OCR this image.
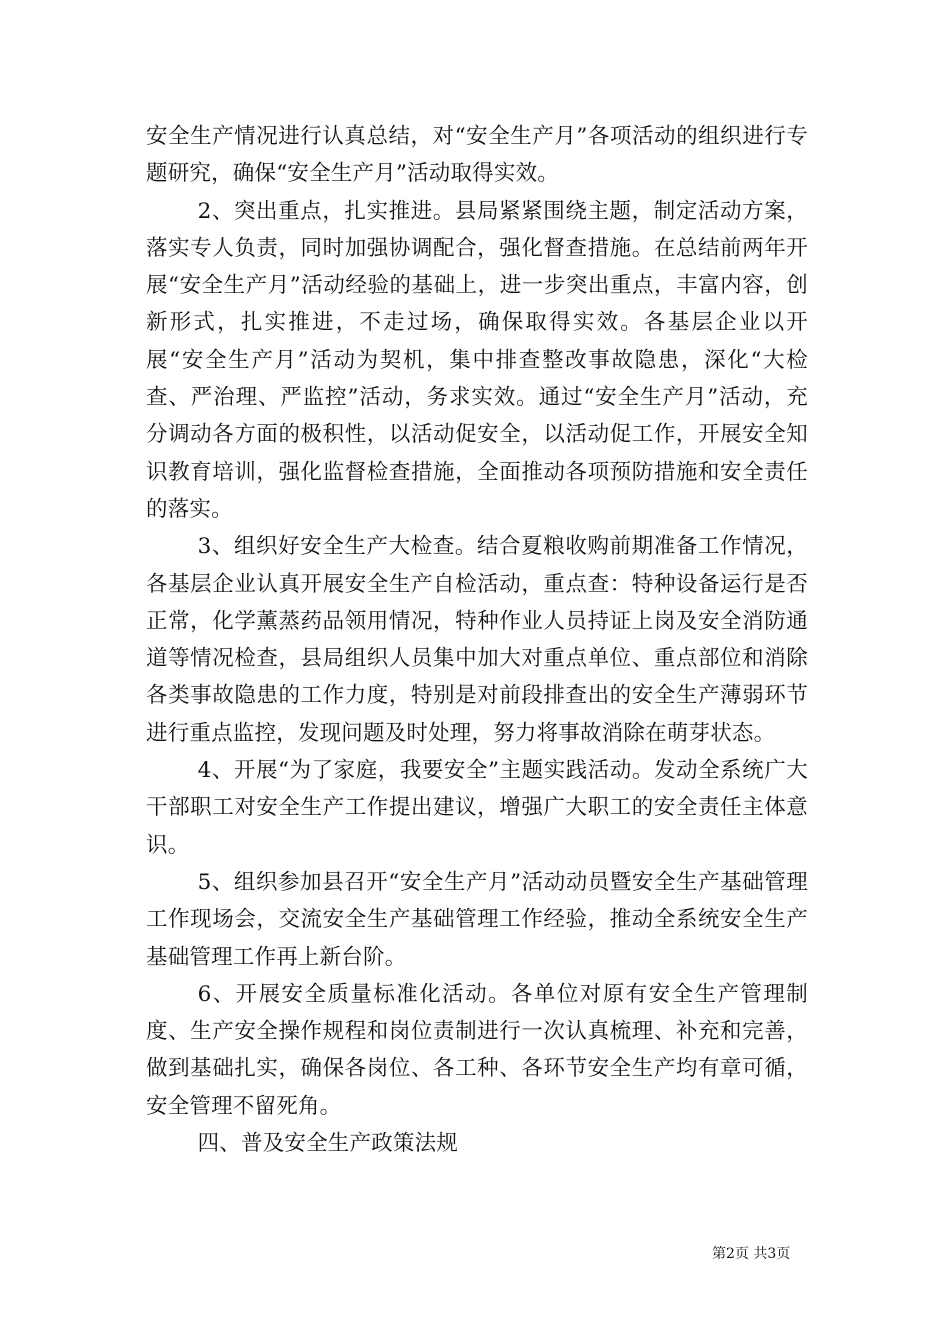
安全生产情况进行认真总结，对“安全生产月”各项活动的组织进行专题研究，确保“安全生产月”活动取得实效。

2、突出重点，扎实推进。县局紧紧围绕主题，制定活动方案，落实专人负责，同时加强协调配合，强化督查措施。在总结前两年开展“安全生产月”活动经验的基础上，进一步突出重点，丰富内容，创新形式，扎实推进，不走过场，确保取得实效。各基层企业以开展“安全生产月”活动为契机，集中排查整改事故隐患，深化“大检查、严治理、严监控”活动，务求实效。通过“安全生产月”活动，充分调动各方面的极积性，以活动促安全，以活动促工作，开展安全知识教育培训，强化监督检查措施，全面推动各项预防措施和安全责任的落实。

3、组织好安全生产大检查。结合夏粮收购前期准备工作情况，各基层企业认真开展安全生产自检活动，重点查：特种设备运行是否正常，化学薰蒸药品领用情况，特种作业人员持证上岗及安全消防通道等情况检查，县局组织人员集中加大对重点单位、重点部位和消除各类事故隐患的工作力度，特别是对前段排查出的安全生产薄弱环节进行重点监控，发现问题及时处理，努力将事故消除在萌芽状态。

4、开展“为了家庭，我要安全”主题实践活动。发动全系统广大干部职工对安全生产工作提出建议，增强广大职工的安全责任主体意识。

5、组织参加县召开“安全生产月”活动动员暨安全生产基础管理工作现场会，交流安全生产基础管理工作经验，推动全系统安全生产基础管理工作再上新台阶。

6、开展安全质量标准化活动。各单位对原有安全生产管理制度、生产安全操作规程和岗位责制进行一次认真梳理、补充和完善，做到基础扎实，确保各岗位、各工种、各环节安全生产均有章可循，安全管理不留死角。

四、普及安全生产政策法规

第2页 共3页
